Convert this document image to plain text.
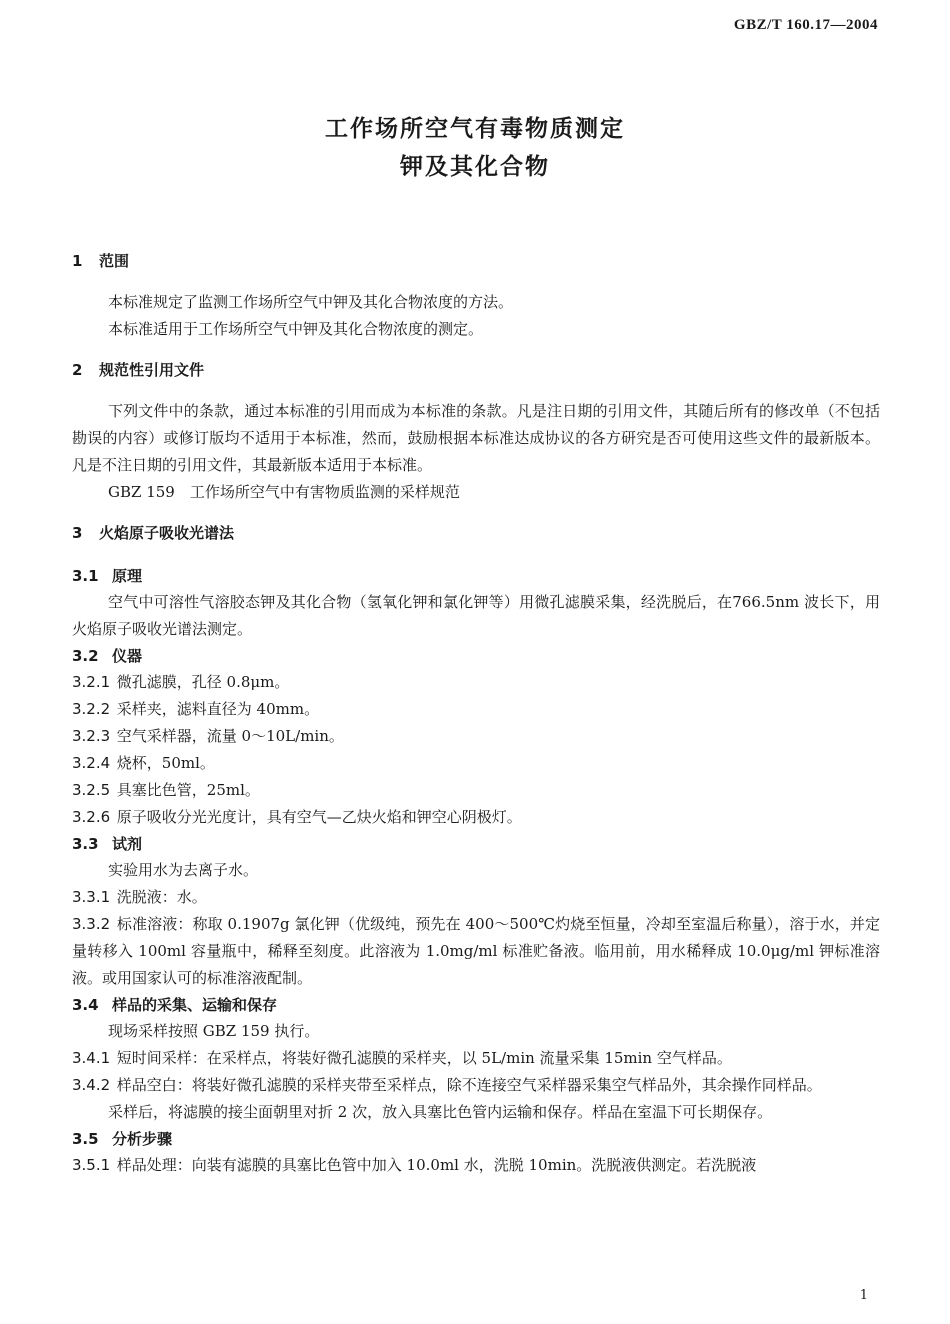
GBZ/T 160.17—2004
工作场所空气有毒物质测定
钾及其化合物
1 范围

本标准规定了监测工作场所空气中钾及其化合物浓度的方法。

本标准适用于工作场所空气中钾及其化合物浓度的测定。

2 规范性引用文件

下列文件中的条款，通过本标准的引用而成为本标准的条款。凡是注日期的引用文件，其随后所有的修改单（不包括勘误的内容）或修订版均不适用于本标准，然而，鼓励根据本标准达成协议的各方研究是否可使用这些文件的最新版本。凡是不注日期的引用文件，其最新版本适用于本标准。

GBZ 159　工作场所空气中有害物质监测的采样规范

3 火焰原子吸收光谱法
3.1 原理

空气中可溶性气溶胶态钾及其化合物（氢氧化钾和氯化钾等）用微孔滤膜采集，经洗脱后，在766.5nm 波长下，用火焰原子吸收光谱法测定。

3.2 仪器
3.2.1 微孔滤膜，孔径 0.8μm。
3.2.2 采样夹，滤料直径为 40mm。
3.2.3 空气采样器，流量 0～10L/min。
3.2.4 烧杯，50ml。
3.2.5 具塞比色管，25ml。
3.2.6 原子吸收分光光度计，具有空气—乙炔火焰和钾空心阴极灯。
3.3 试剂

实验用水为去离子水。

3.3.1 洗脱液：水。

3.3.2 标准溶液：称取 0.1907g 氯化钾（优级纯，预先在 400～500℃灼烧至恒量，冷却至室温后称量），溶于水，并定量转移入 100ml 容量瓶中，稀释至刻度。此溶液为 1.0mg/ml 标准贮备液。临用前，用水稀释成 10.0μg/ml 钾标准溶液。或用国家认可的标准溶液配制。

3.4 样品的采集、运输和保存

现场采样按照 GBZ 159 执行。

3.4.1 短时间采样：在采样点，将装好微孔滤膜的采样夹，以 5L/min 流量采集 15min 空气样品。

3.4.2 样品空白：将装好微孔滤膜的采样夹带至采样点，除不连接空气采样器采集空气样品外，其余操作同样品。

采样后，将滤膜的接尘面朝里对折 2 次，放入具塞比色管内运输和保存。样品在室温下可长期保存。

3.5 分析步骤
3.5.1 样品处理：向装有滤膜的具塞比色管中加入 10.0ml 水，洗脱 10min。洗脱液供测定。若洗脱液
1
